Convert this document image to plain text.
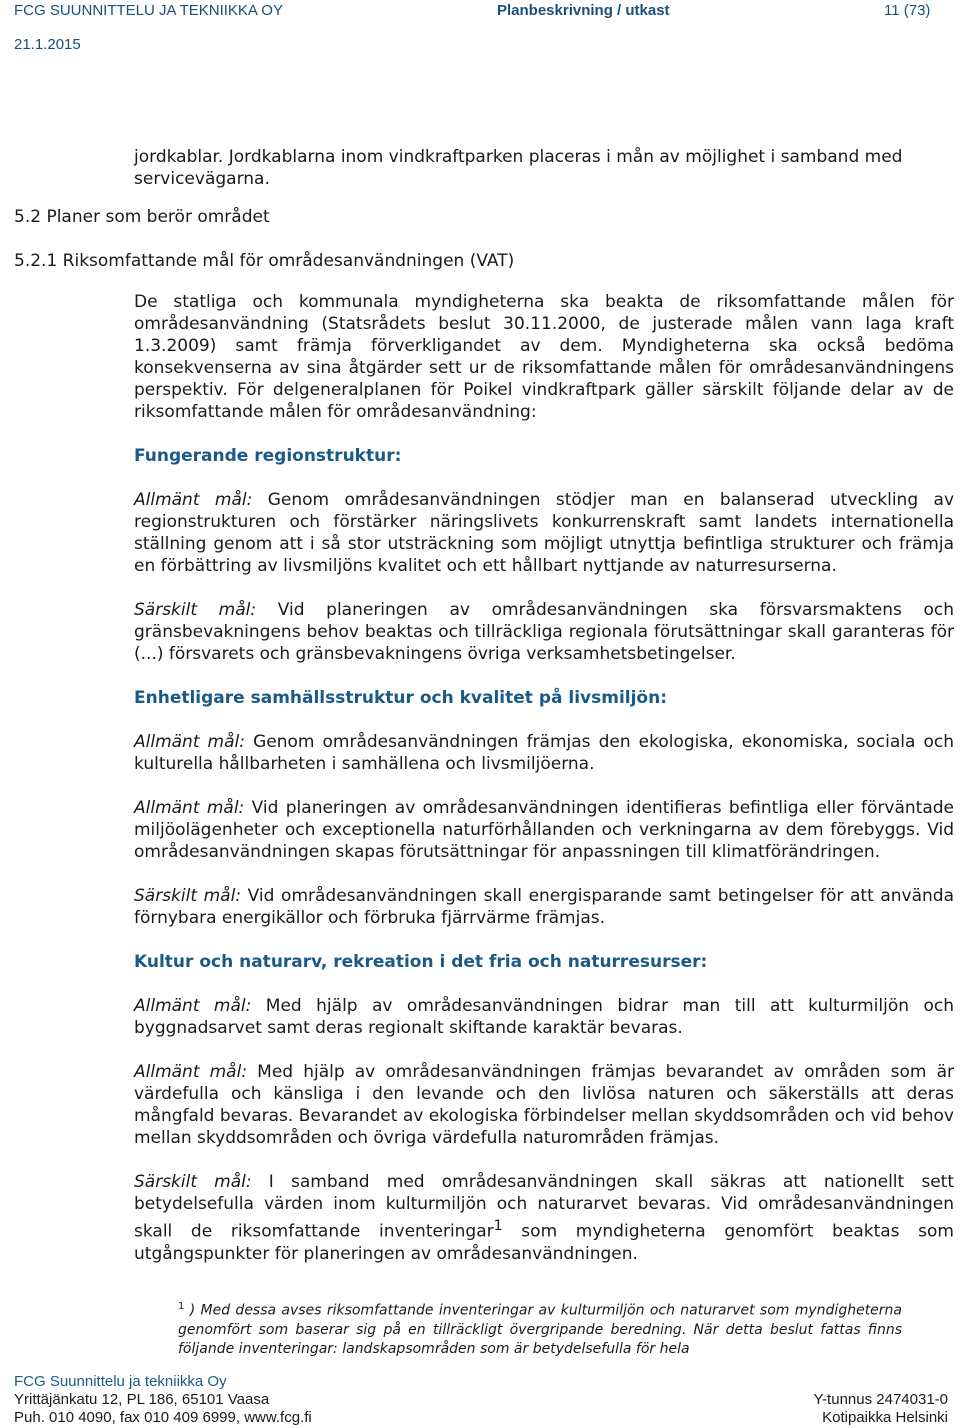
FCG SUUNNITTELU JA TEKNIIKKA OY
21.1.2015
Planbeskrivning / utkast	11 (73)

jordkablar. Jordkablarna inom vindkraftparken placeras i mån av möjlighet i samband med servicevägarna.

5.2 Planer som berör området
5.2.1 Riksomfattande mål för områdesanvändningen (VAT)

De statliga och kommunala myndigheterna ska beakta de riksomfattande målen för områdesanvändning (Statsrådets beslut 30.11.2000, de justerade målen vann laga kraft 1.3.2009) samt främja förverkligandet av dem. Myndigheterna ska också bedöma konsekvenserna av sina åtgärder sett ur de riksomfattande målen för områdesanvändningens perspektiv. För delgeneralplanen för Poikel vindkraftpark gäller särskilt följande delar av de riksomfattande målen för områdesanvändning:

Fungerande regionstruktur:

Allmänt mål: Genom områdesanvändningen stödjer man en balanserad utveckling av regionstrukturen och förstärker näringslivets konkurrenskraft samt landets internationella ställning genom att i så stor utsträckning som möjligt utnyttja befintliga strukturer och främja en förbättring av livsmiljöns kvalitet och ett hållbart nyttjande av naturresurserna.

Särskilt mål: Vid planeringen av områdesanvändningen ska försvarsmaktens och gränsbevakningens behov beaktas och tillräckliga regionala förutsättningar skall garanteras för (...) försvarets och gränsbevakningens övriga verksamhetsbetingelser.

Enhetligare samhällsstruktur och kvalitet på livsmiljön:

Allmänt mål: Genom områdesanvändningen främjas den ekologiska, ekonomiska, sociala och kulturella hållbarheten i samhällena och livsmiljöerna.

Allmänt mål: Vid planeringen av områdesanvändningen identifieras befintliga eller förväntade miljöolägenheter och exceptionella naturförhållanden och verkningarna av dem förebyggs. Vid områdesanvändningen skapas förutsättningar för anpassningen till klimatförändringen.

Särskilt mål: Vid områdesanvändningen skall energisparande samt betingelser för att använda förnybara energikällor och förbruka fjärrvärme främjas.

Kultur och naturarv, rekreation i det fria och naturresurser:

Allmänt mål: Med hjälp av områdesanvändningen bidrar man till att kulturmiljön och byggnadsarvet samt deras regionalt skiftande karaktär bevaras.

Allmänt mål: Med hjälp av områdesanvändningen främjas bevarandet av områden som är värdefulla och känsliga i den levande och den livlösa naturen och säkerställs att deras mångfald bevaras. Bevarandet av ekologiska förbindelser mellan skyddsområden och vid behov mellan skyddsområden och övriga värdefulla naturområden främjas.

Särskilt mål: I samband med områdesanvändningen skall säkras att nationellt sett betydelsefulla värden inom kulturmiljön och naturarvet bevaras. Vid områdesanvändningen skall de riksomfattande inventeringar$^1$ som myndigheterna genomfört beaktas som utgångspunkter för planeringen av områdesanvändningen.

$^1$ ) Med dessa avses riksomfattande inventeringar av kulturmiljön och naturarvet som myndigheterna genomfört som baserar sig på en tillräckligt övergripande beredning. När detta beslut fattas finns följande inventeringar: landskapsområden som är betydelsefulla för hela
FCG Suunnittelu ja tekniikka Oy
Yrittäjänkatu 12, PL 186, 65101 Vaasa
Puh. 010 4090, fax 010 409 6999, www.fcg.fi
Y-tunnus 2474031-0
Kotipaikka Helsinki
